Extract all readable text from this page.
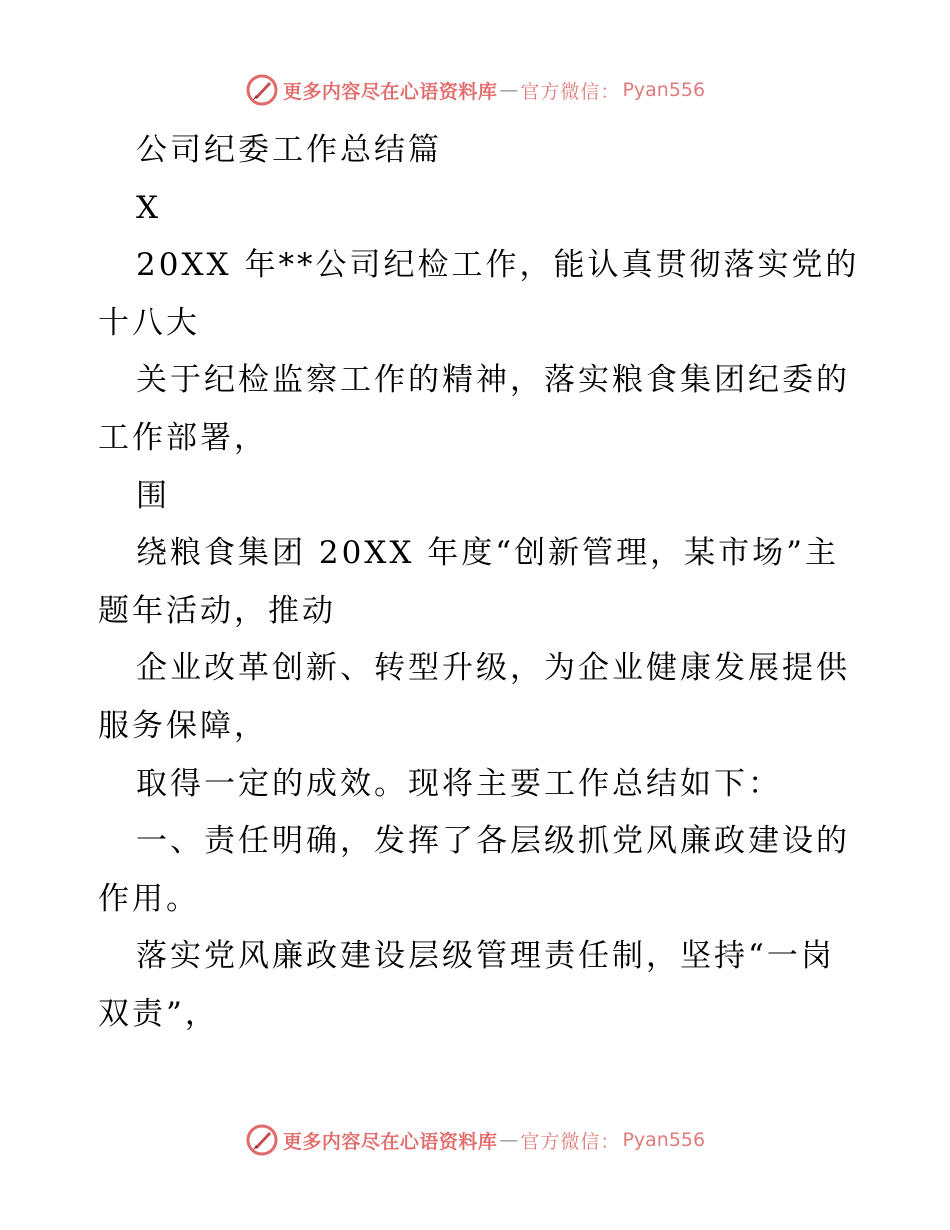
更多内容尽在心语资料库 — 官方微信： Pyan556
公司纪委工作总结篇
X
20XX 年**公司纪检工作，能认真贯彻落实党的
十八大
关于纪检监察工作的精神，落实粮食集团纪委的
工作部署，
围
绕粮食集团 20XX 年度“创新管理，某市场”主
题年活动，推动
企业改革创新、转型升级，为企业健康发展提供
服务保障，
取得一定的成效。现将主要工作总结如下：
一、责任明确，发挥了各层级抓党风廉政建设的
作用。
落实党风廉政建设层级管理责任制，坚持“一岗
双责”，
更多内容尽在心语资料库 — 官方微信： Pyan556
